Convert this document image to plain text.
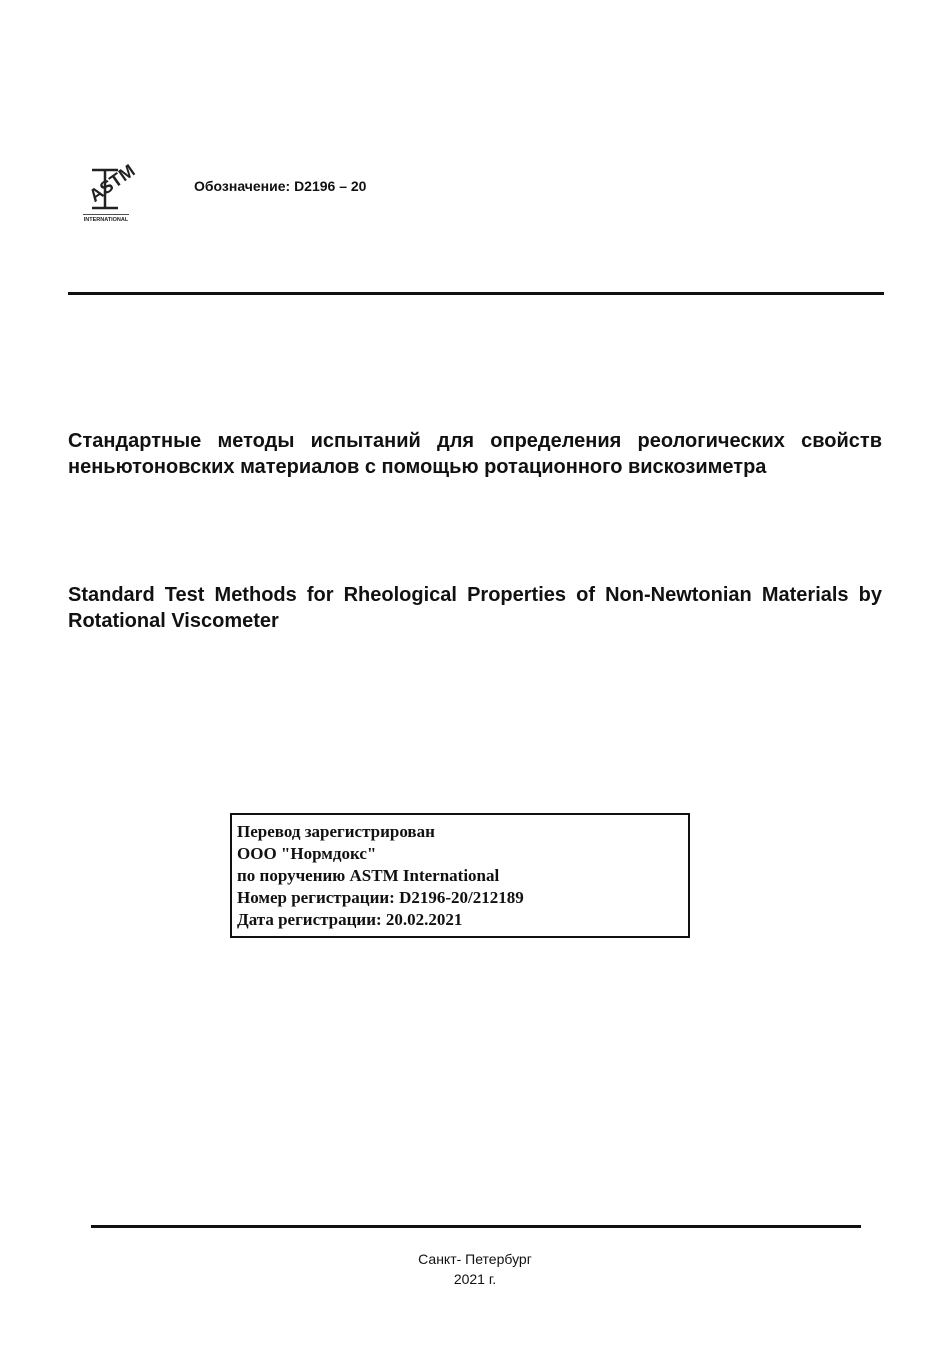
ASTM
INTERNATIONAL
Обозначение: D2196 – 20
Стандартные методы испытаний для определения реологических свойств неньютоновских материалов с помощью ротационного вискозиметра
Standard Test Methods for Rheological Properties of Non-Newtonian Materials by Rotational Viscometer
Перевод зарегистрирован
ООО "Нормдокс"
по поручению ASTM International
Номер регистрации: D2196-20/212189
Дата регистрации: 20.02.2021
Санкт- Петербург
2021 г.
